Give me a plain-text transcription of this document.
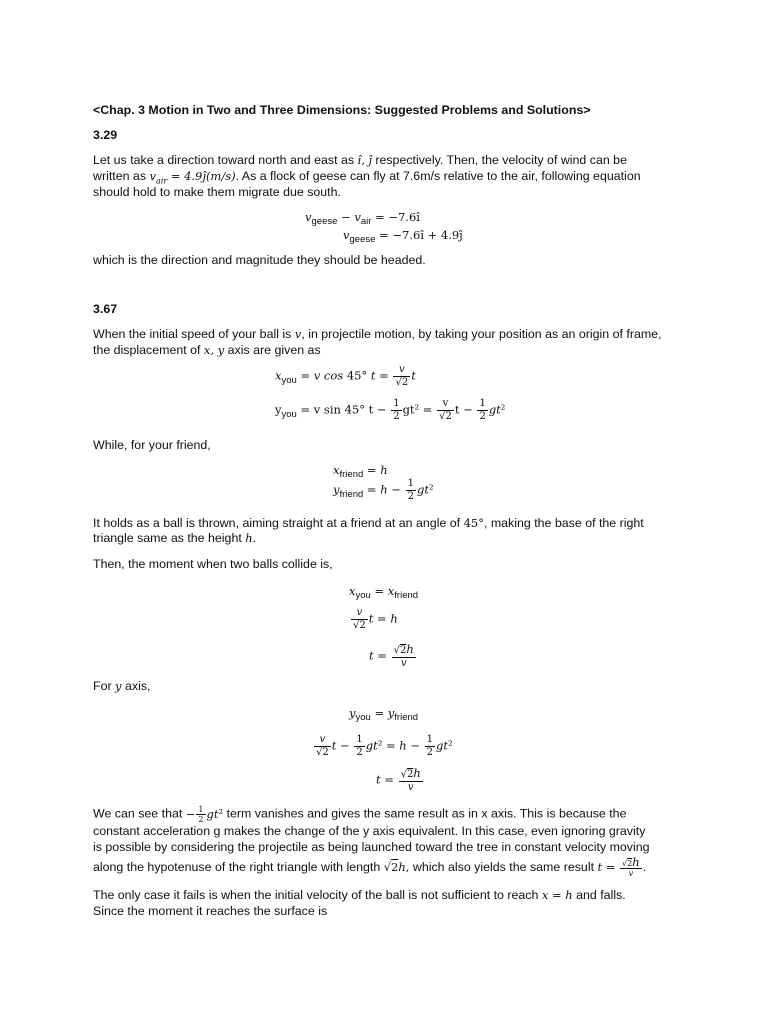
<Chap. 3 Motion in Two and Three Dimensions: Suggested Problems and Solutions>
3.29
Let us take a direction toward north and east as î, ĵ respectively. Then, the velocity of wind can be
written as $v_{air}$ = 4.9ĵ(m/s). As a flock of geese can fly at 7.6m/s relative to the air, following equation
should hold to make them migrate due south.
$v_{geese} - v_{air}$ = −7.6î
$v_{geese}$ = −7.6î + 4.9ĵ
which is the direction and magnitude they should be headed.
3.67
When the initial speed of your ball is v, in projectile motion, by taking your position as an origin of frame,
the displacement of x, y axis are given as
$x_{you} = v$ cos 45° $t = \frac{v}{√2}$ t
$y_{you} = v$ sin 45° $t - \frac{1}{2} gt^2 = \frac{v}{√2}$ $t - \frac{1}{2} gt^2$
While, for your friend,
$x_{friend} = h$
$y_{friend} = h - \frac{1}{2} gt^2$
It holds as a ball is thrown, aiming straight at a friend at an angle of 45°, making the base of the right
triangle same as the height h.
Then, the moment when two balls collide is,
$x_{you} = x_{friend}$
$\frac{v}{√2}$ t = h
$t = \frac{√2h}{v}$
For y axis,
$y_{you} = y_{friend}$
$\frac{v}{√2}$ $t - \frac{1}{2} gt^2 = h - \frac{1}{2} gt^2$
$t = \frac{√2h}{v}$
We can see that − $\frac{1}{2} gt^2$ term vanishes and gives the same result as in x axis. This is because the
constant acceleration g makes the change of the y axis equivalent. In this case, even ignoring gravity
is possible by considering the projectile as being launched toward the tree in constant velocity moving
along the hypotenuse of the right triangle with length √2h, which also yields the same result $t = \frac{√2h}{v}$ .
The only case it fails is when the initial velocity of the ball is not sufficient to reach x = h and falls.
Since the moment it reaches the surface is
